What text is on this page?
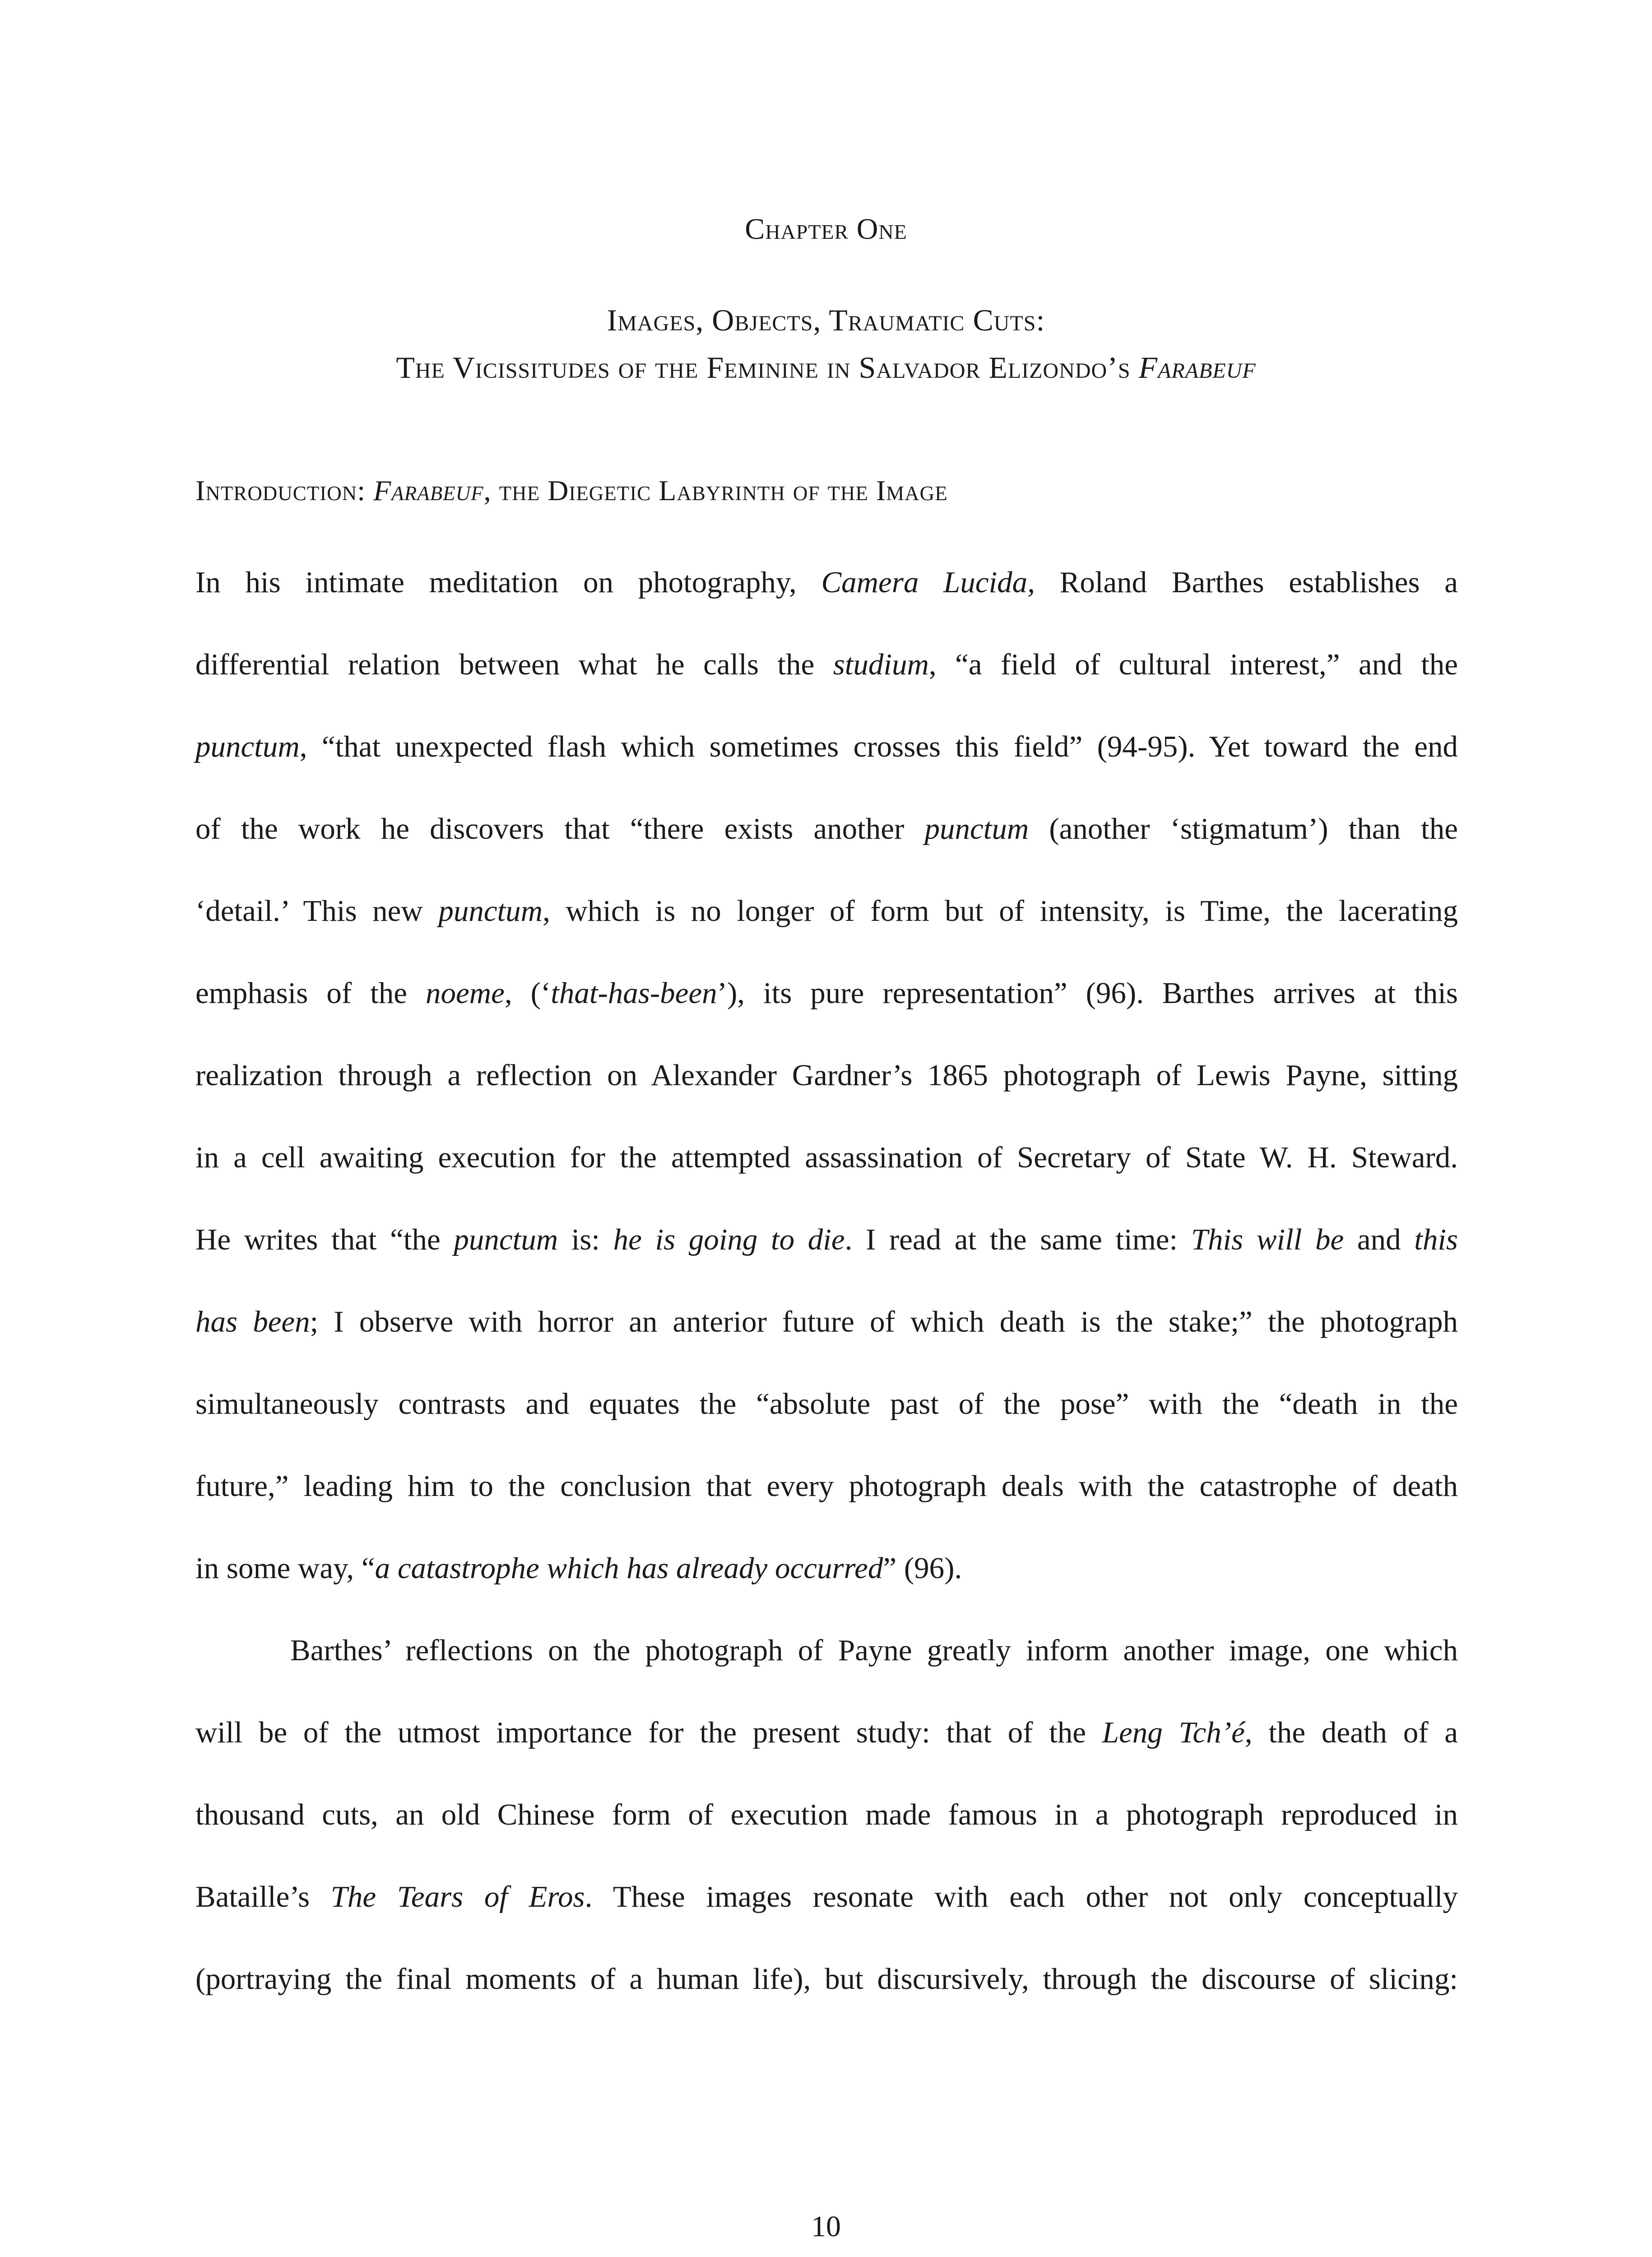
Chapter One
Images, Objects, Traumatic Cuts:
The Vicissitudes of the Feminine in Salvador Elizondo’s Farabeuf
Introduction: Farabeuf, the Diegetic Labyrinth of the Image
In his intimate meditation on photography, Camera Lucida, Roland Barthes establishes a
differential relation between what he calls the studium, “a field of cultural interest,” and the
punctum, “that unexpected flash which sometimes crosses this field” (94-95). Yet toward the end
of the work he discovers that “there exists another punctum (another ‘stigmatum’) than the
‘detail.’ This new punctum, which is no longer of form but of intensity, is Time, the lacerating
emphasis of the noeme, (‘that-has-been’), its pure representation” (96). Barthes arrives at this
realization through a reflection on Alexander Gardner’s 1865 photograph of Lewis Payne, sitting
in a cell awaiting execution for the attempted assassination of Secretary of State W. H. Steward.
He writes that “the punctum is: he is going to die. I read at the same time: This will be and this
has been; I observe with horror an anterior future of which death is the stake;” the photograph
simultaneously contrasts and equates the “absolute past of the pose” with the “death in the
future,” leading him to the conclusion that every photograph deals with the catastrophe of death
in some way, “a catastrophe which has already occurred” (96).
Barthes’ reflections on the photograph of Payne greatly inform another image, one which
will be of the utmost importance for the present study: that of the Leng Tch’é, the death of a
thousand cuts, an old Chinese form of execution made famous in a photograph reproduced in
Bataille’s The Tears of Eros. These images resonate with each other not only conceptually
(portraying the final moments of a human life), but discursively, through the discourse of slicing:
10
